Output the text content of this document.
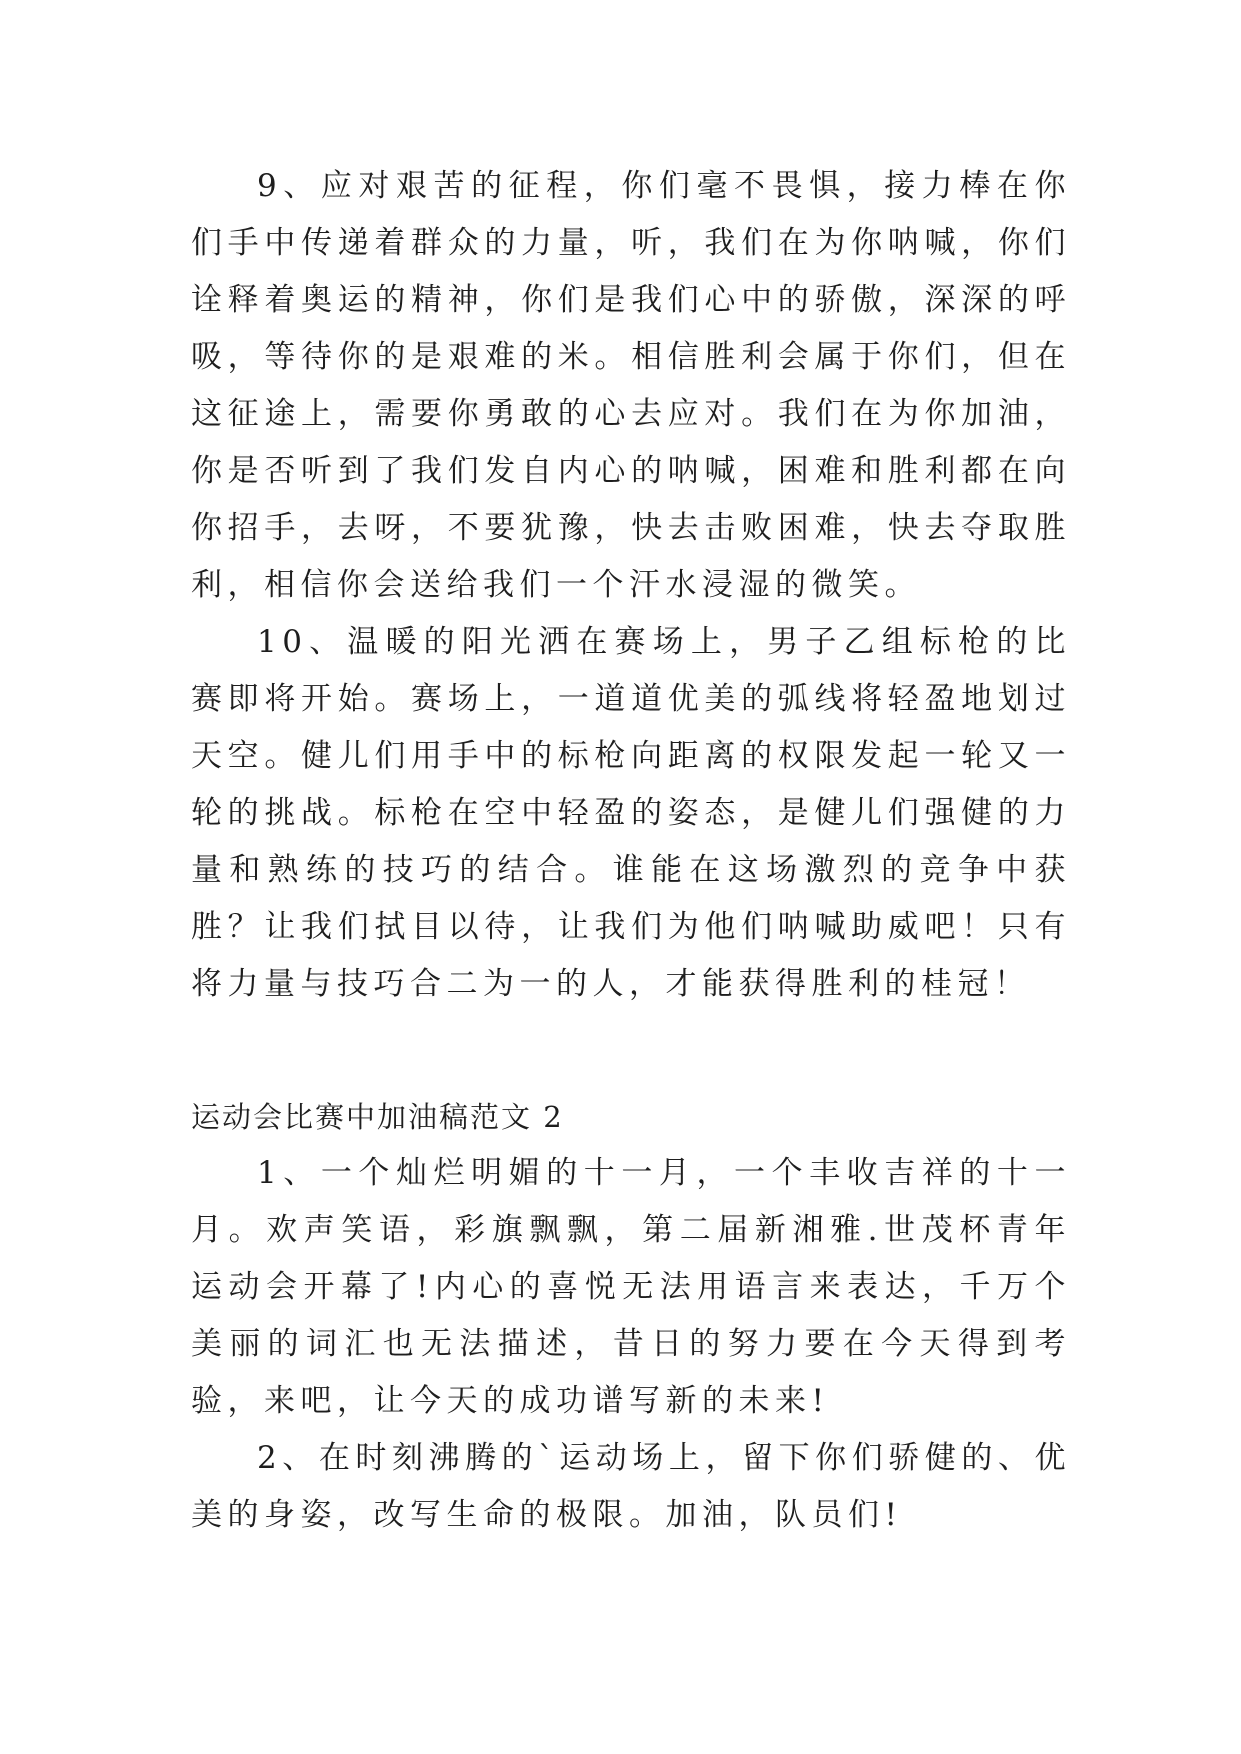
9、应对艰苦的征程，你们毫不畏惧，接力棒在你们手中传递着群众的力量，听，我们在为你呐喊，你们诠释着奥运的精神，你们是我们心中的骄傲，深深的呼吸，等待你的是艰难的米。相信胜利会属于你们，但在这征途上，需要你勇敢的心去应对。我们在为你加油，你是否听到了我们发自内心的呐喊，困难和胜利都在向你招手，去呀，不要犹豫，快去击败困难，快去夺取胜利，相信你会送给我们一个汗水浸湿的微笑。

10、温暖的阳光洒在赛场上，男子乙组标枪的比赛即将开始。赛场上，一道道优美的弧线将轻盈地划过天空。健儿们用手中的标枪向距离的权限发起一轮又一轮的挑战。标枪在空中轻盈的姿态，是健儿们强健的力量和熟练的技巧的结合。谁能在这场激烈的竞争中获胜？让我们拭目以待，让我们为他们呐喊助威吧！只有将力量与技巧合二为一的人，才能获得胜利的桂冠！

运动会比赛中加油稿范文 2

1、一个灿烂明媚的十一月，一个丰收吉祥的十一月。欢声笑语，彩旗飘飘，第二届新湘雅.世茂杯青年运动会开幕了!内心的喜悦无法用语言来表达，千万个美丽的词汇也无法描述，昔日的努力要在今天得到考验，来吧，让今天的成功谱写新的未来!

2、在时刻沸腾的`运动场上，留下你们骄健的、优美的身姿，改写生命的极限。加油，队员们!
